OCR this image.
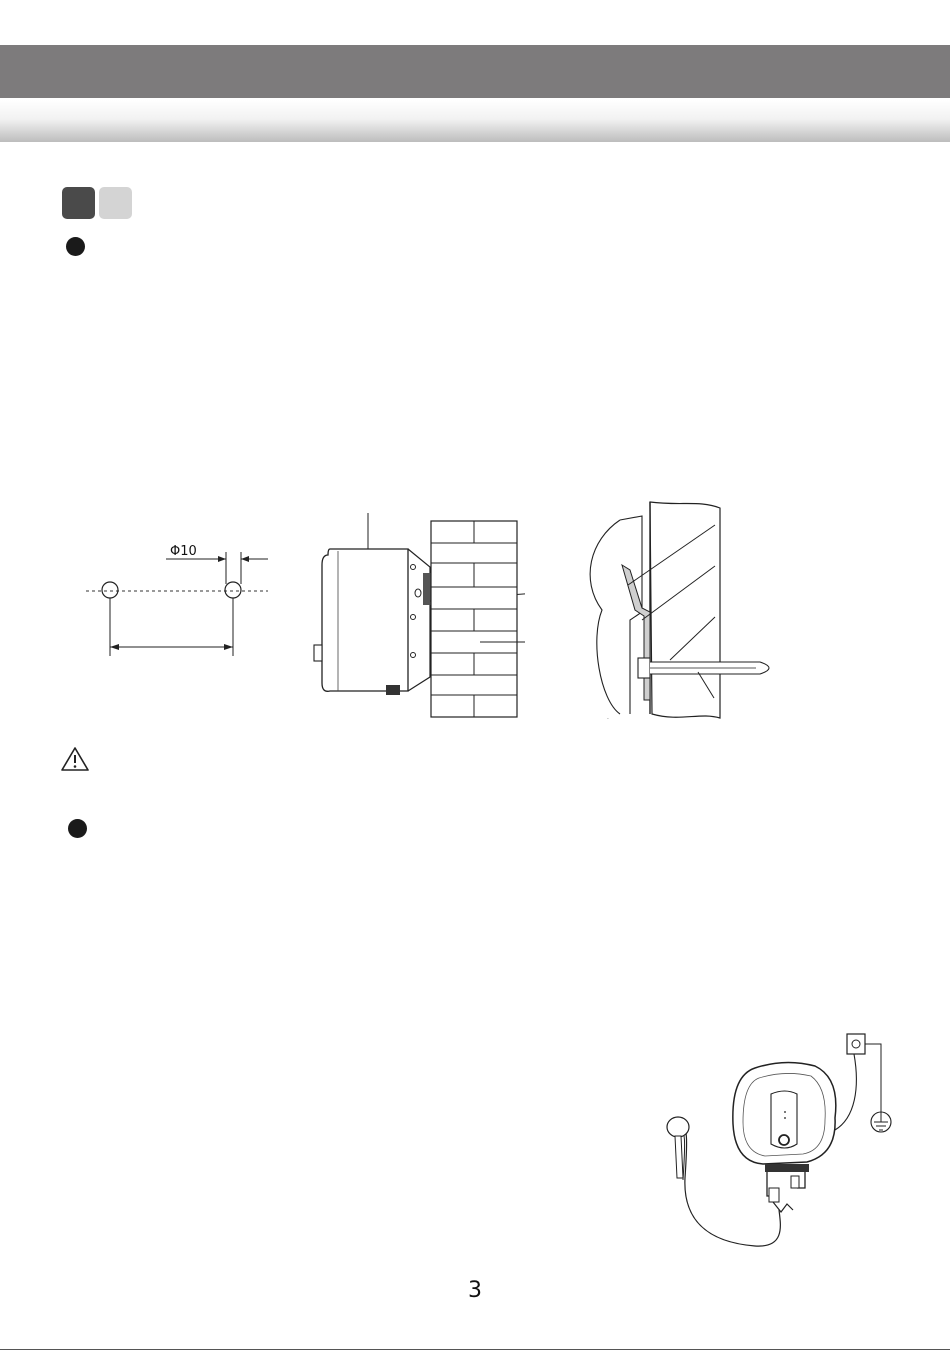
Φ10
.
3
